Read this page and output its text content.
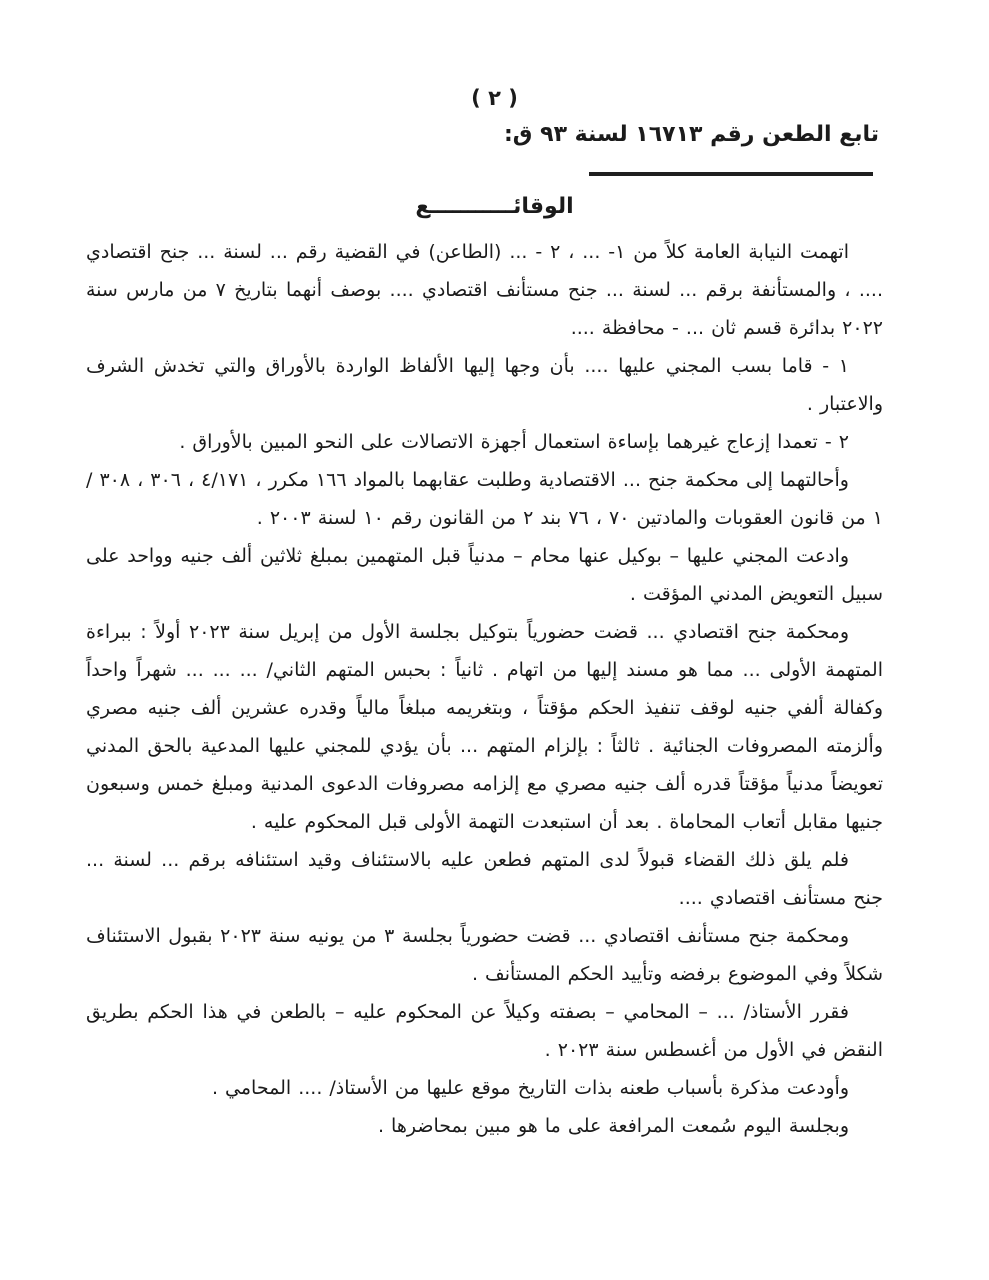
( ٢ )
تابع الطعن رقم ١٦٧١٣ لسنة ٩٣ ق:
الوقائـــــــــــع

اتهمت النيابة العامة كلاً من ١- ... ، ٢ - ... (الطاعن) في القضية رقم ... لسنة ... جنح اقتصادي .... ، والمستأنفة برقم ... لسنة ... جنح مستأنف اقتصادي .... بوصف أنهما بتاريخ ٧ من مارس سنة ٢٠٢٢ بدائرة قسم ثان ... - محافظة ....

١ - قاما بسب المجني عليها .... بأن وجها إليها الألفاظ الواردة بالأوراق والتي تخدش الشرف والاعتبار .

٢ - تعمدا إزعاج غيرهما بإساءة استعمال أجهزة الاتصالات على النحو المبين بالأوراق .

وأحالتهما إلى محكمة جنح ... الاقتصادية وطلبت عقابهما بالمواد ١٦٦ مكرر ، ٤/١٧١ ، ٣٠٦ ، ٣٠٨ /١ من قانون العقوبات والمادتين ٧٠ ، ٧٦ بند ٢ من القانون رقم ١٠ لسنة ٢٠٠٣ .

وادعت المجني عليها – بوكيل عنها محام – مدنياً قبل المتهمين بمبلغ ثلاثين ألف جنيه وواحد على سبيل التعويض المدني المؤقت .

ومحكمة جنح اقتصادي ... قضت حضورياً بتوكيل بجلسة الأول من إبريل سنة ٢٠٢٣ أولاً : ببراءة المتهمة الأولى ... مما هو مسند إليها من اتهام . ثانياً : بحبس المتهم الثاني/ ... ... ... شهراً واحداً وكفالة ألفي جنيه لوقف تنفيذ الحكم مؤقتاً ، وبتغريمه مبلغاً مالياً وقدره عشرين ألف جنيه مصري وألزمته المصروفات الجنائية . ثالثاً : بإلزام المتهم ... بأن يؤدي للمجني عليها المدعية بالحق المدني تعويضاً مدنياً مؤقتاً قدره ألف جنيه مصري مع إلزامه مصروفات الدعوى المدنية ومبلغ خمس وسبعون جنيها مقابل أتعاب المحاماة . بعد أن استبعدت التهمة الأولى قبل المحكوم عليه .

فلم يلق ذلك القضاء قبولاً لدى المتهم فطعن عليه بالاستئناف وقيد استئنافه برقم ... لسنة ... جنح مستأنف اقتصادي ....

ومحكمة جنح مستأنف اقتصادي ... قضت حضورياً بجلسة ٣ من يونيه سنة ٢٠٢٣ بقبول الاستئناف شكلاً وفي الموضوع برفضه وتأييد الحكم المستأنف .

فقرر الأستاذ/ ... – المحامي – بصفته وكيلاً عن المحكوم عليه – بالطعن في هذا الحكم بطريق النقض في الأول من أغسطس سنة ٢٠٢٣ .

وأودعت مذكرة بأسباب طعنه بذات التاريخ موقع عليها من الأستاذ/ .... المحامي .

وبجلسة اليوم سُمعت المرافعة على ما هو مبين بمحاضرها .
